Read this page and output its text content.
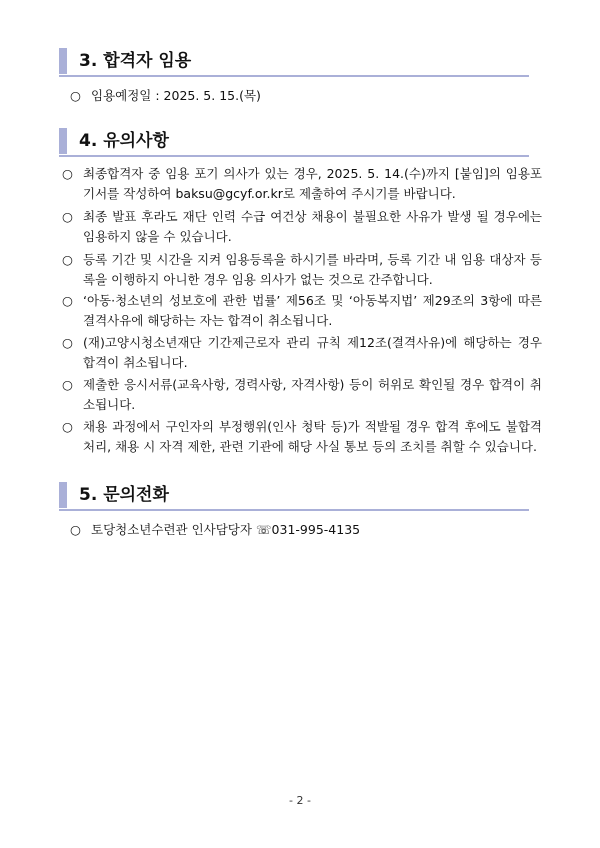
3. 합격자 임용
○ 임용예정일 : 2025. 5. 15.(목)
4. 유의사항
○ 최종합격자 중 임용 포기 의사가 있는 경우, 2025. 5. 14.(수)까지 [붙임]의 임용포기서를 작성하여 baksu@gcyf.or.kr로 제출하여 주시기를 바랍니다.
○ 최종 발표 후라도 재단 인력 수급 여건상 채용이 불필요한 사유가 발생 될 경우에는 임용하지 않을 수 있습니다.
○ 등록 기간 및 시간을 지켜 임용등록을 하시기를 바라며, 등록 기간 내 임용 대상자 등록을 이행하지 아니한 경우 임용 의사가 없는 것으로 간주합니다.
○ ‘아동·청소년의 성보호에 관한 법률’ 제56조 및 ‘아동복지법’ 제29조의 3항에 따른 결격사유에 해당하는 자는 합격이 취소됩니다.
○ (재)고양시청소년재단 기간제근로자 관리 규칙 제12조(결격사유)에 해당하는 경우 합격이 취소됩니다.
○ 제출한 응시서류(교육사항, 경력사항, 자격사항) 등이 허위로 확인될 경우 합격이 취소됩니다.
○ 채용 과정에서 구인자의 부정행위(인사 청탁 등)가 적발될 경우 합격 후에도 불합격 처리, 채용 시 자격 제한, 관련 기관에 해당 사실 통보 등의 조치를 취할 수 있습니다.
5. 문의전화
○ 토당청소년수련관 인사담당자 ☏031-995-4135
- 2 -
